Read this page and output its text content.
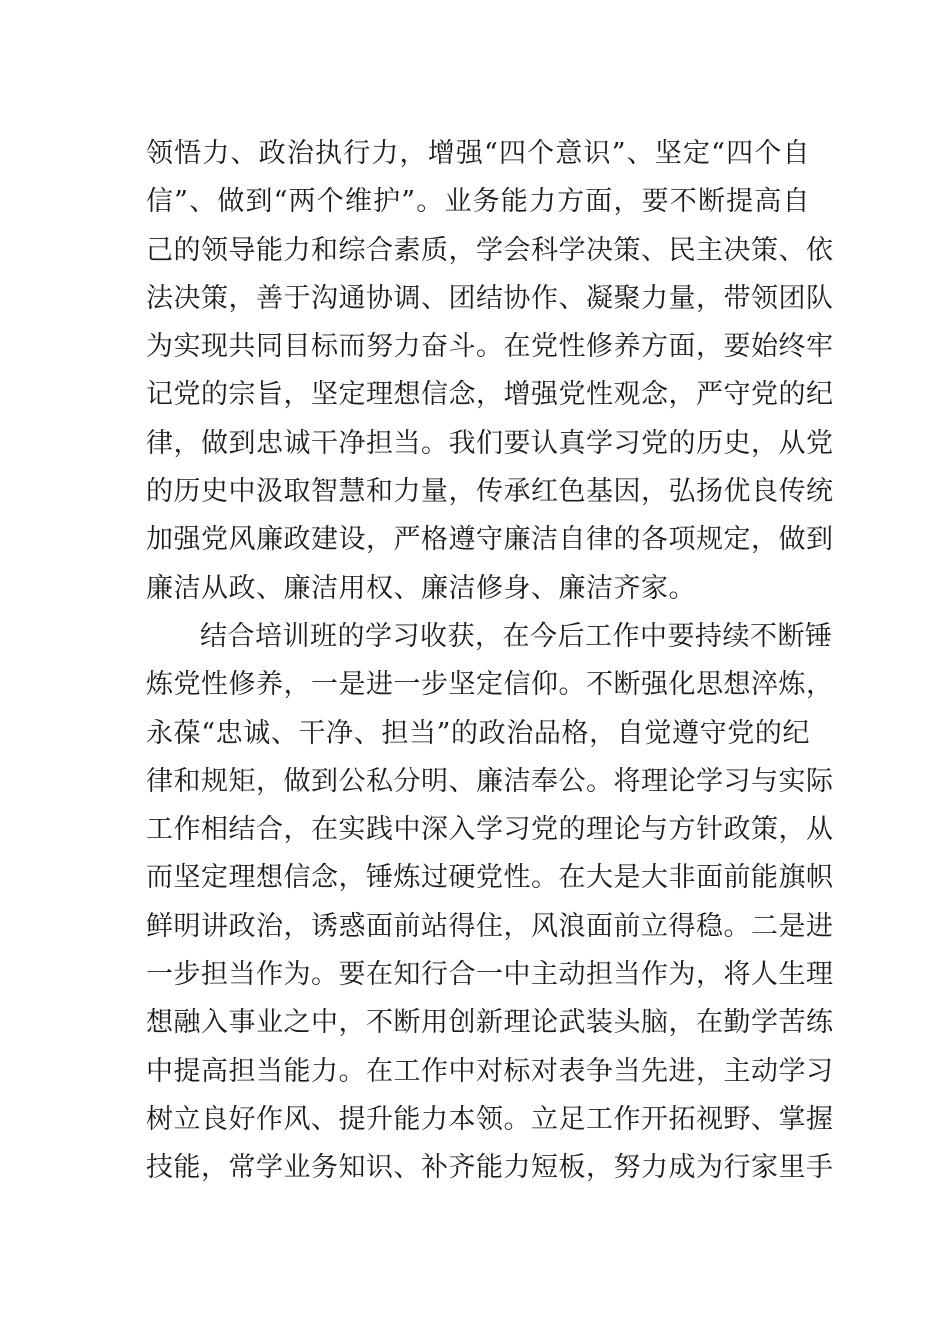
领悟力、政治执行力，增强“四个意识”、坚定“四个自
信”、做到“两个维护”。业务能力方面，要不断提高自
己的领导能力和综合素质，学会科学决策、民主决策、依
法决策，善于沟通协调、团结协作、凝聚力量，带领团队
为实现共同目标而努力奋斗。在党性修养方面，要始终牢
记党的宗旨，坚定理想信念，增强党性观念，严守党的纪
律，做到忠诚干净担当。我们要认真学习党的历史，从党
的历史中汲取智慧和力量，传承红色基因，弘扬优良传统
加强党风廉政建设，严格遵守廉洁自律的各项规定，做到
廉洁从政、廉洁用权、廉洁修身、廉洁齐家。
结合培训班的学习收获，在今后工作中要持续不断锤
炼党性修养，一是进一步坚定信仰。不断强化思想淬炼，
永葆“忠诚、干净、担当”的政治品格，自觉遵守党的纪
律和规矩，做到公私分明、廉洁奉公。将理论学习与实际
工作相结合，在实践中深入学习党的理论与方针政策，从
而坚定理想信念，锤炼过硬党性。在大是大非面前能旗帜
鲜明讲政治，诱惑面前站得住，风浪面前立得稳。二是进
一步担当作为。要在知行合一中主动担当作为，将人生理
想融入事业之中，不断用创新理论武装头脑，在勤学苦练
中提高担当能力。在工作中对标对表争当先进，主动学习
树立良好作风、提升能力本领。立足工作开拓视野、掌握
技能，常学业务知识、补齐能力短板，努力成为行家里手
